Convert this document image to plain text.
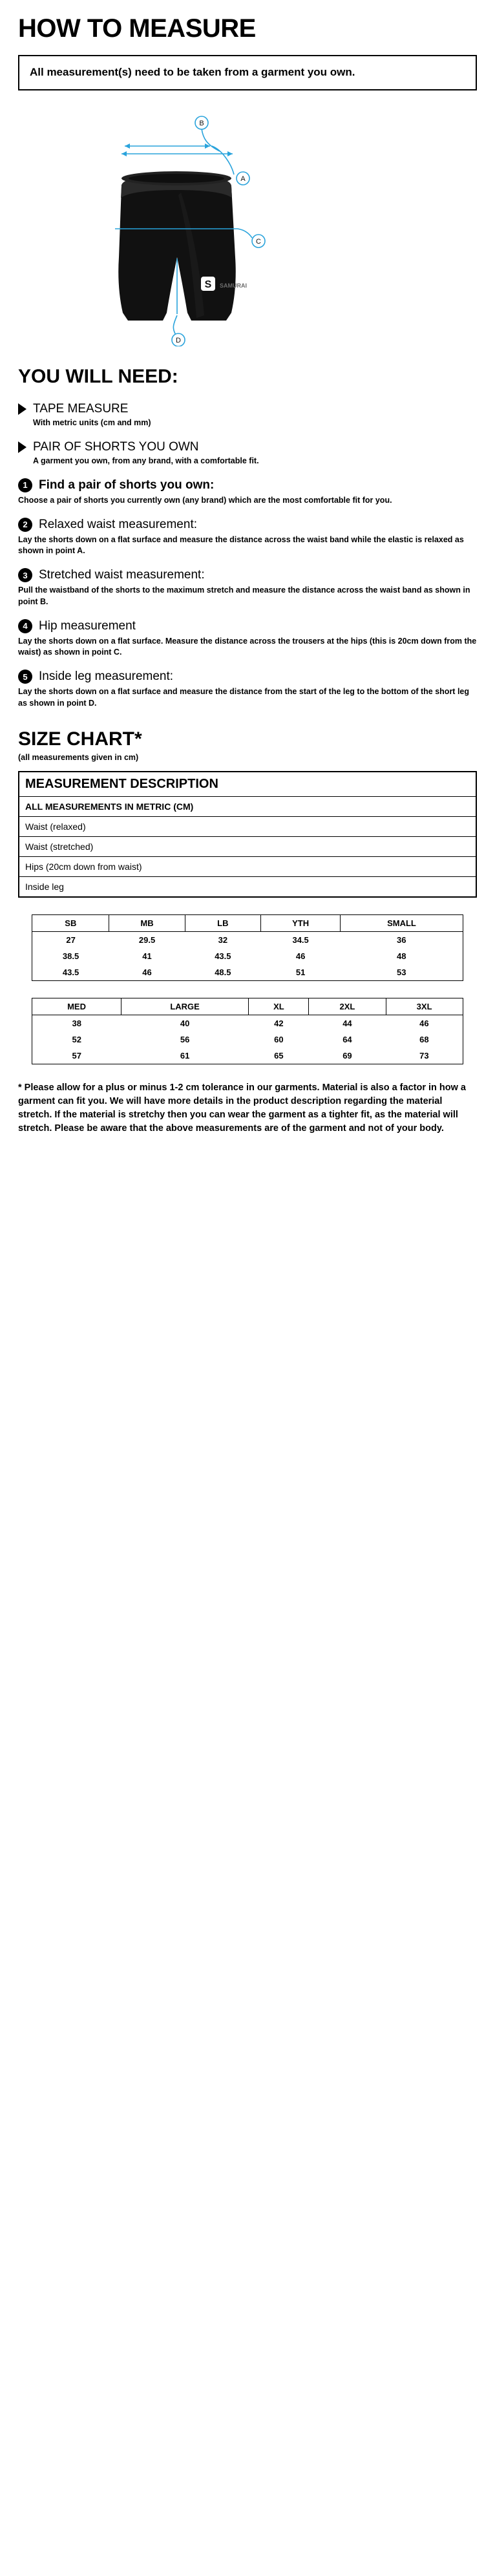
HOW TO MEASURE
All measurement(s) need to be taken from a garment you own.
S SAMURAI
B
A
C
D
YOU WILL NEED:
TAPE MEASURE
With metric units (cm and mm)
PAIR OF SHORTS YOU OWN
A garment you own, from any brand, with a comfortable fit.
1 Find a pair of shorts you own:
Choose a pair of shorts you currently own (any brand) which are the most comfortable fit for you.
2 Relaxed waist measurement:
Lay the shorts down on a flat surface and measure the distance across the waist band while the elastic is relaxed as shown in point A.
3 Stretched waist measurement:
Pull the waistband of the shorts to the maximum stretch and measure the distance across the waist band as shown in point B.
4 Hip measurement
Lay the shorts down on a flat surface. Measure the distance across the trousers at the hips (this is 20cm down from the waist) as shown in point C.
5 Inside leg measurement:
Lay the shorts down on a flat surface and measure the distance from the start of the leg to the bottom of the short leg as shown in point D.
SIZE CHART*
(all measurements given in cm)
MEASUREMENT DESCRIPTION
ALL MEASUREMENTS IN METRIC (CM)
Waist (relaxed)
Waist (stretched)
Hips (20cm down from waist)
Inside leg
SB	MB	LB	YTH	SMALL
27	29.5	32	34.5	36
38.5	41	43.5	46	48
43.5	46	48.5	51	53
MED	LARGE	XL	2XL	3XL
38	40	42	44	46
52	56	60	64	68
57	61	65	69	73
* Please allow for a plus or minus 1-2 cm tolerance in our garments. Material is also a factor in how a garment can fit you. We will have more details in the product description regarding the material stretch. If the material is stretchy then you can wear the garment as a tighter fit, as the material will stretch. Please be aware that the above measurements are of the garment and not of your body.
